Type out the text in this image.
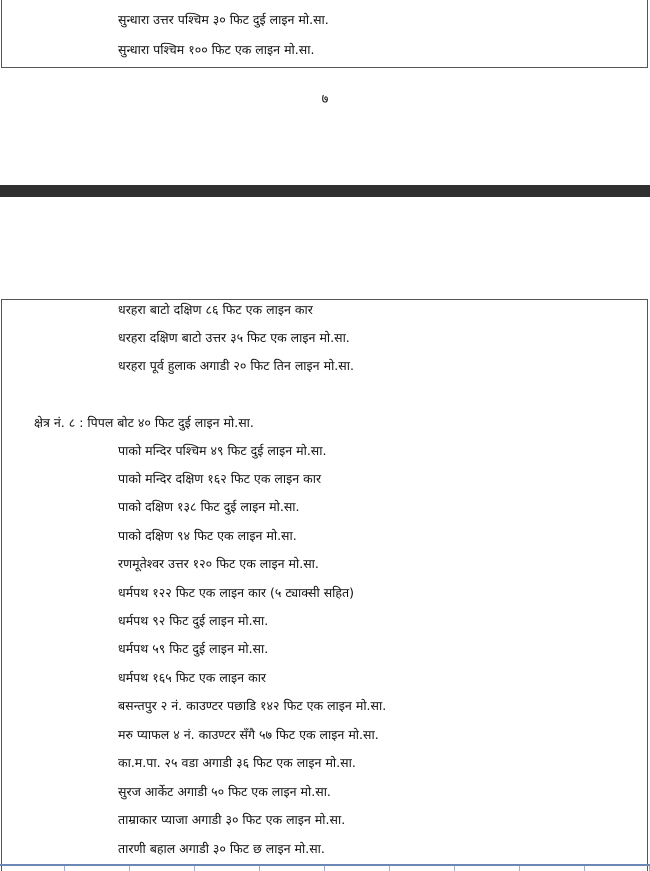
सुन्धारा उत्तर पश्चिम ३० फिट दुई लाइन मो.सा.
सुन्धारा पश्चिम १०० फिट एक लाइन मो.सा.
७
धरहरा बाटो दक्षिण ८६ फिट एक लाइन कार
धरहरा दक्षिण बाटो उत्तर ३५ फिट एक लाइन मो.सा.
धरहरा पूर्व हुलाक अगाडी २० फिट तिन लाइन मो.सा.
क्षेत्र नं. ८ : पिपल बोट ४० फिट दुई लाइन मो.सा.
पाको मन्दिर पश्चिम ४९ फिट दुई लाइन मो.सा.
पाको मन्दिर दक्षिण १६२ फिट एक लाइन कार
पाको दक्षिण १३८ फिट दुई लाइन मो.सा.
पाको दक्षिण ९४ फिट एक लाइन मो.सा.
रणमूतेश्वर उत्तर १२० फिट एक लाइन मो.सा.
धर्मपथ १२२ फिट एक लाइन कार (५ ट्याक्सी सहित)
धर्मपथ ९२ फिट दुई लाइन मो.सा.
धर्मपथ ५९ फिट दुई लाइन मो.सा.
धर्मपथ १६५ फिट एक लाइन कार
बसन्तपुर २ नं. काउण्टर पछाडि १४२ फिट एक लाइन मो.सा.
मरु प्याफल ४ नं. काउण्टर सँगै ५७ फिट एक लाइन मो.सा.
का.म.पा. २५ वडा अगाडी ३६ फिट एक लाइन मो.सा.
सुरज आर्केट अगाडी ५० फिट एक लाइन मो.सा.
ताम्राकार प्याजा अगाडी ३० फिट एक लाइन मो.सा.
तारणी बहाल अगाडी ३० फिट छ लाइन मो.सा.
